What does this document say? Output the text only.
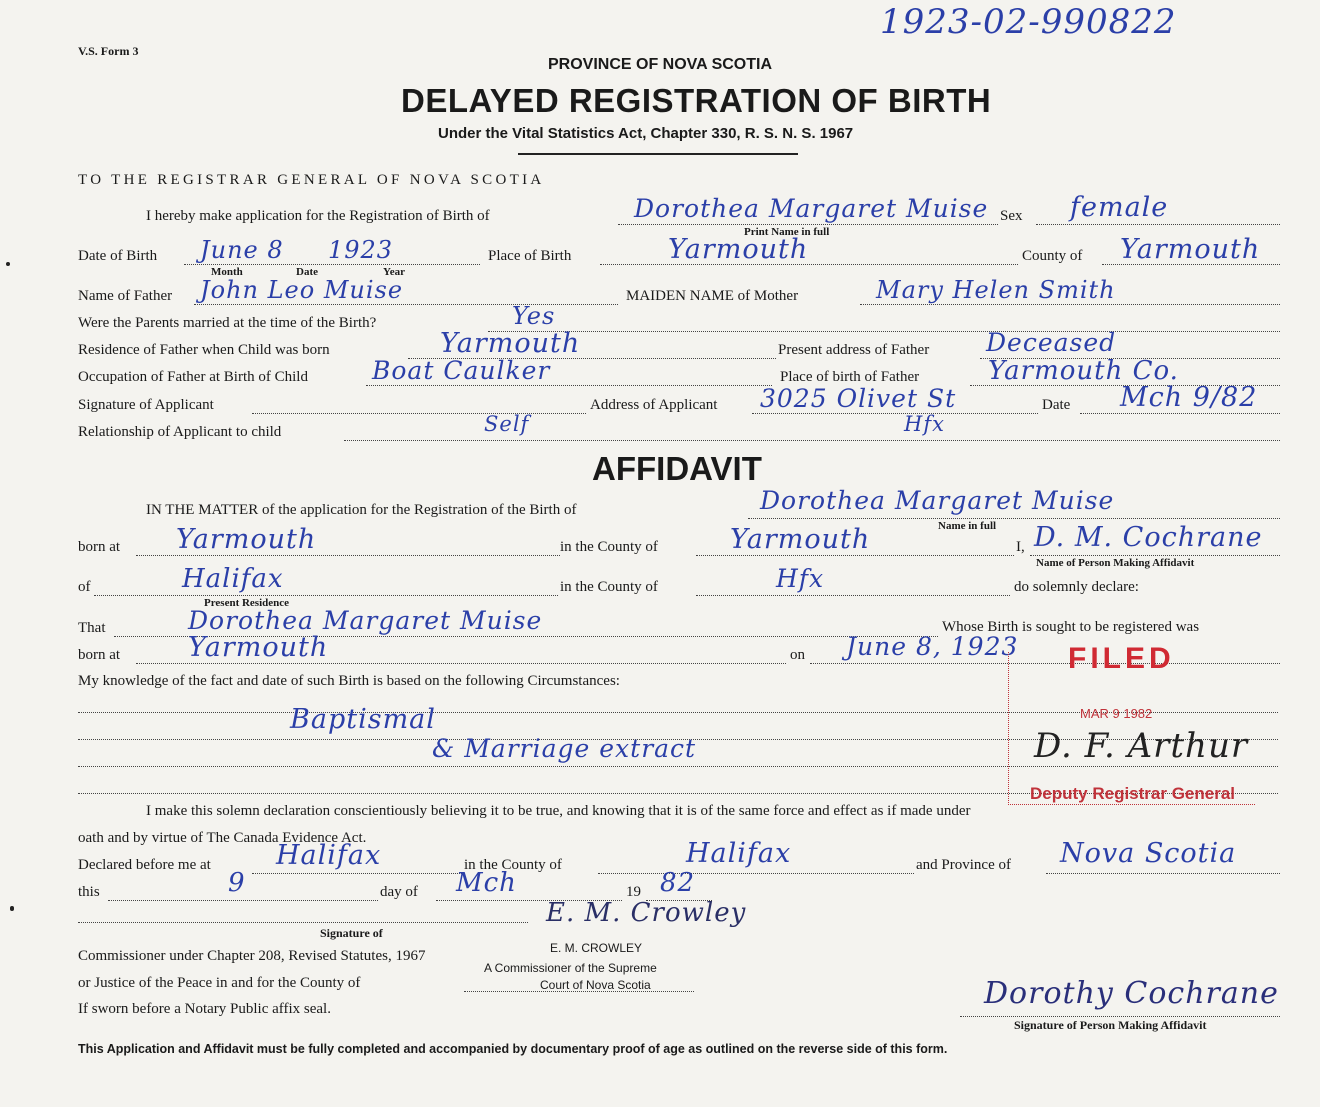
1923-02-990822
V.S. Form 3
PROVINCE OF NOVA SCOTIA
DELAYED REGISTRATION OF BIRTH
Under the Vital Statistics Act, Chapter 330, R. S. N. S. 1967
TO THE REGISTRAR GENERAL OF NOVA SCOTIA
I hereby make application for the Registration of Birth of	Dorothea Margaret Muise Sex female
Print Name in full
Date of Birth June 8 1923	Place of Birth	Yarmouth	County of Yarmouth
Month	Date	Year
Name of Father John Leo Muise	MAIDEN NAME of Mother	Mary Helen Smith
Were the Parents married at the time of the Birth?	Yes
Residence of Father when Child was born	Yarmouth	Present address of Father Deceased
Occupation of Father at Birth of Child	Boat Caulker	Place of birth of Father	Yarmouth Co.
Signature of Applicant	Address of Applicant 3025 Olivet St	Date Mch 9/82
Relationship of Applicant to child	Self	Hfx
AFFIDAVIT
IN THE MATTER of the application for the Registration of the Birth of	Dorothea Margaret Muise
Name in full
born at Yarmouth	in the County of	Yarmouth	I, D. M. Cochrane
Name of Person Making Affidavit
of	Halifax	in the County of	Hfx	do solemnly declare:
Present Residence
That	Dorothea Margaret Muise	Whose Birth is sought to be registered was
born at	Yarmouth	on June 8, 1923
My knowledge of the fact and date of such Birth is based on the following Circumstances:
Baptismal
& Marriage extract
FILED
MAR 9 1982
D. F. Arthur
Deputy Registrar General
I make this solemn declaration conscientiously believing it to be true, and knowing that it is of the same force and effect as if made under
oath and by virtue of The Canada Evidence Act.
Declared before me at Halifax	in the County of	Halifax	and Province of Nova Scotia
this	9	day of Mch	19 82
E. M. Crowley
Signature of
E. M. CROWLEY
Commissioner under Chapter 208, Revised Statutes, 1967
A Commissioner of the Supreme
or Justice of the Peace in and for the County of	Court of Nova Scotia
If sworn before a Notary Public affix seal.	Dorothy Cochrane
Signature of Person Making Affidavit
This Application and Affidavit must be fully completed and accompanied by documentary proof of age as outlined on the reverse side of this form.
